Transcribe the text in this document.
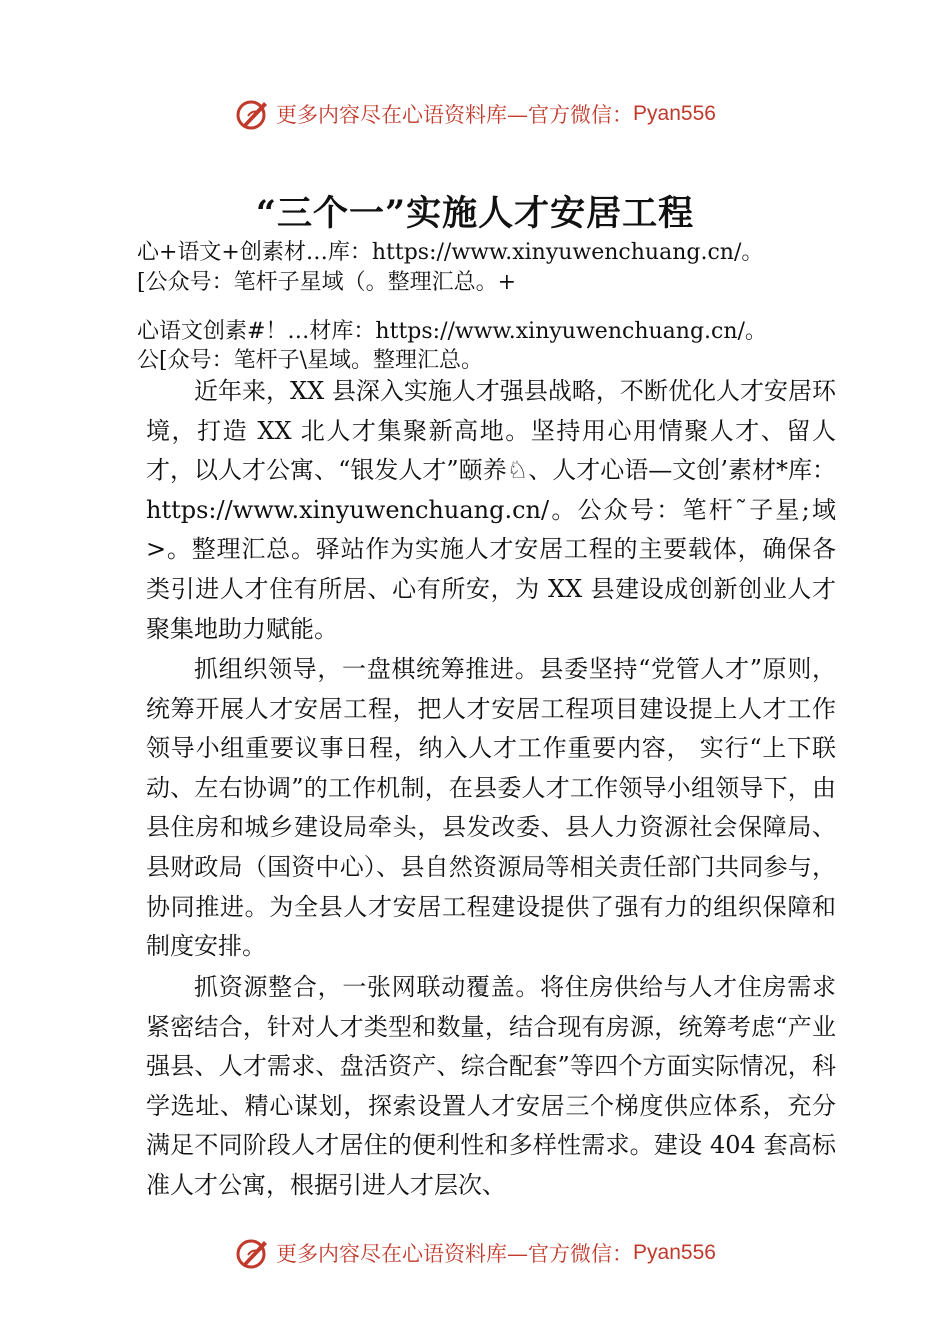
更多内容尽在心语资料库—官方微信： Pyan556
“三个一”实施人才安居工程
心+语文+创素材…库：https://www.xinyuwenchuang.cn/。
[公众号：笔杆子星域（。整理汇总。+
心语文创素#！…材库：https://www.xinyuwenchuang.cn/。
公[众号：笔杆子\星域。整理汇总。
近年来，XX 县深入实施人才强县战略，不断优化人才安居环境，打造 XX 北人才集聚新高地。坚持用心用情聚人才、留人才，以人才公寓、“银发人才”颐养♘、人才心语—文创’素材*库：https://www.xinyuwenchuang.cn/。公众号：笔杆˜子星;域>。整理汇总。驿站作为实施人才安居工程的主要载体，确保各类引进人才住有所居、心有所安，为 XX 县建设成创新创业人才聚集地助力赋能。
抓组织领导，一盘棋统筹推进。县委坚持“党管人才”原则，统筹开展人才安居工程，把人才安居工程项目建设提上人才工作领导小组重要议事日程，纳入人才工作重要内容， 实行“上下联动、左右协调”的工作机制，在县委人才工作领导小组领导下，由县住房和城乡建设局牵头，县发改委、县人力资源社会保障局、县财政局（国资中心）、县自然资源局等相关责任部门共同参与，协同推进。为全县人才安居工程建设提供了强有力的组织保障和制度安排。
抓资源整合，一张网联动覆盖。将住房供给与人才住房需求紧密结合，针对人才类型和数量，结合现有房源，统筹考虑“产业强县、人才需求、盘活资产、综合配套”等四个方面实际情况，科学选址、精心谋划，探索设置人才安居三个梯度供应体系，充分满足不同阶段人才居住的便利性和多样性需求。建设 404 套高标准人才公寓，根据引进人才层次、
更多内容尽在心语资料库—官方微信： Pyan556
